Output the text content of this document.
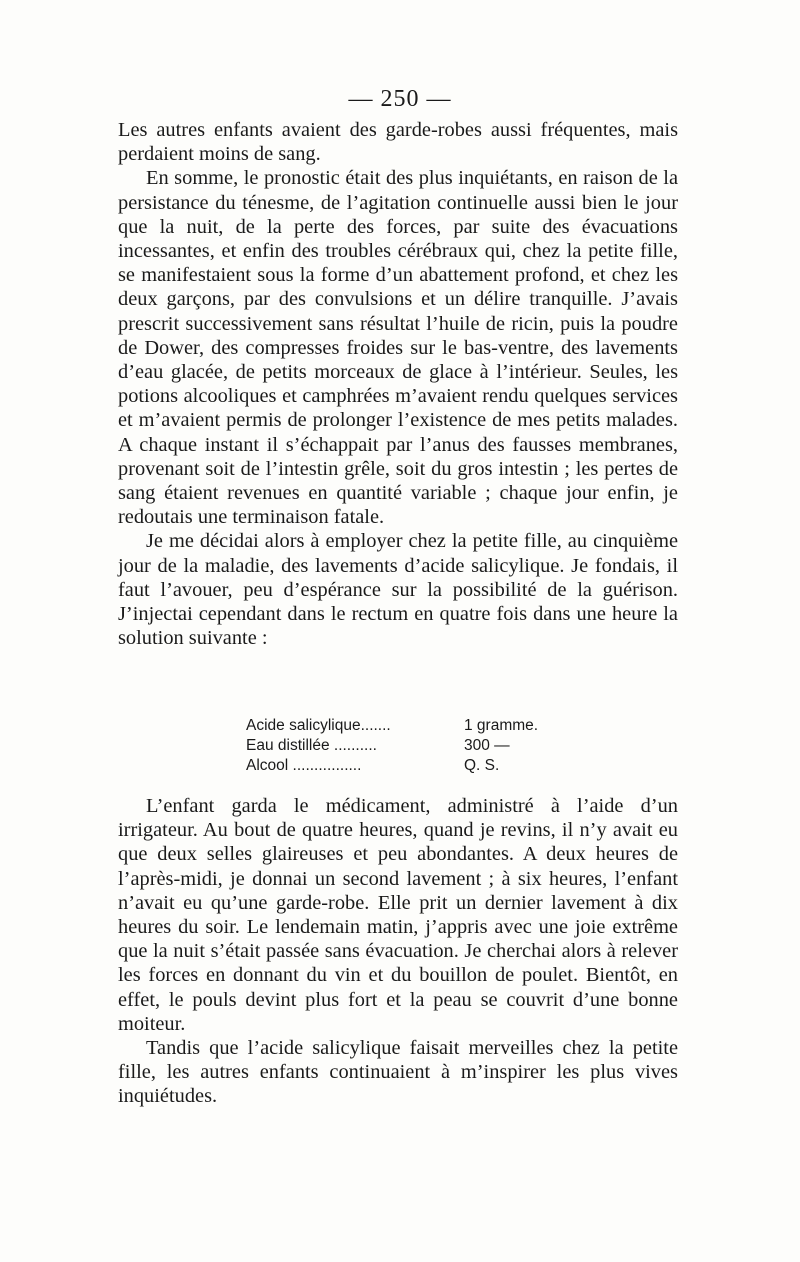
— 250 —

Les autres enfants avaient des garde-robes aussi fréquentes, mais perdaient moins de sang.

En somme, le pronostic était des plus inquiétants, en raison de la persistance du ténesme, de l’agitation continuelle aussi bien le jour que la nuit, de la perte des forces, par suite des évacuations incessantes, et enfin des troubles cérébraux qui, chez la petite fille, se manifestaient sous la forme d’un abattement profond, et chez les deux garçons, par des convulsions et un délire tranquille. J’avais prescrit successivement sans résultat l’huile de ricin, puis la poudre de Dower, des compresses froides sur le bas-ventre, des lavements d’eau glacée, de petits morceaux de glace à l’intérieur. Seules, les potions alcooliques et camphrées m’avaient rendu quelques services et m’avaient permis de prolonger l’existence de mes petits malades. A chaque instant il s’échappait par l’anus des fausses membranes, provenant soit de l’intestin grêle, soit du gros intestin ; les pertes de sang étaient revenues en quantité variable ; chaque jour enfin, je redoutais une terminaison fatale.

Je me décidai alors à employer chez la petite fille, au cinquième jour de la maladie, des lavements d’acide salicylique. Je fondais, il faut l’avouer, peu d’espérance sur la possibilité de la guérison. J’injectai cependant dans le rectum en quatre fois dans une heure la solution suivante :

Acide salicylique.......	1 gramme.
Eau distillée ..........	300 —
Alcool ................	Q. S.

L’enfant garda le médicament, administré à l’aide d’un irrigateur. Au bout de quatre heures, quand je revins, il n’y avait eu que deux selles glaireuses et peu abondantes. A deux heures de l’après-midi, je donnai un second lavement ; à six heures, l’enfant n’avait eu qu’une garde-robe. Elle prit un dernier lavement à dix heures du soir. Le lendemain matin, j’appris avec une joie extrême que la nuit s’était passée sans évacuation. Je cherchai alors à relever les forces en donnant du vin et du bouillon de poulet. Bientôt, en effet, le pouls devint plus fort et la peau se couvrit d’une bonne moiteur.

Tandis que l’acide salicylique faisait merveilles chez la petite fille, les autres enfants continuaient à m’inspirer les plus vives inquiétudes.
